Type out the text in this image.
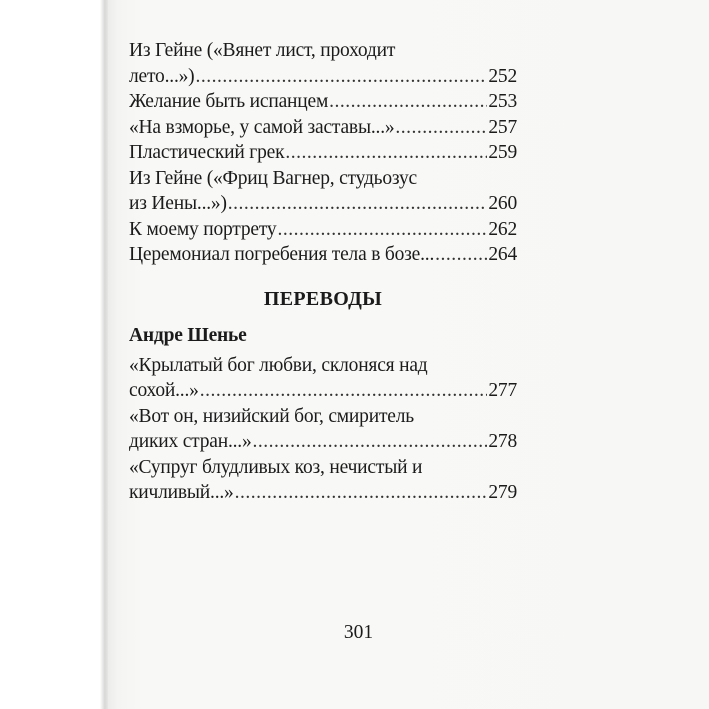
Из Гейне («Вянет лист, проходит
лето...») .....	252
Желание быть испанцем .....	253
«На взморье, у самой заставы...» .....	257
Пластический грек .....	259
Из Гейне («Фриц Вагнер, студьозус
из Иены...») .....	260
К моему портрету .....	262
Церемониал погребения тела в бозе... .....	264
ПЕРЕВОДЫ
Андре Шенье
«Крылатый бог любви, склоняся над
сохой...» .....	277
«Вот он, низийский бог, смиритель
диких стран...» .....	278
«Супруг блудливых коз, нечистый и
кичливый...» .....	279
301
